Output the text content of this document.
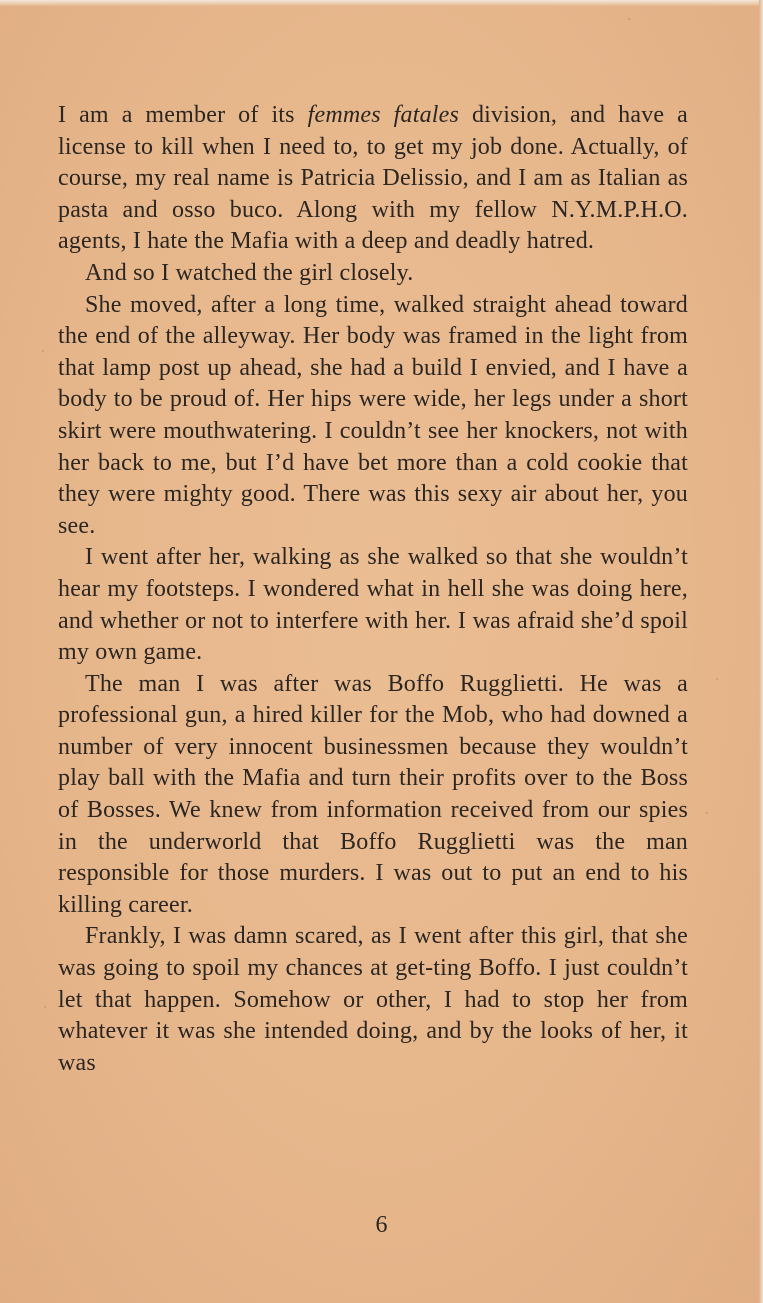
I am a member of its femmes fatales division, and have a license to kill when I need to, to get my job done. Actually, of course, my real name is Patricia Delissio, and I am as Italian as pasta and osso buco. Along with my fellow N.Y.M.P.H.O. agents, I hate the Mafia with a deep and deadly hatred.

And so I watched the girl closely.

She moved, after a long time, walked straight ahead toward the end of the alleyway. Her body was framed in the light from that lamp post up ahead, she had a build I envied, and I have a body to be proud of. Her hips were wide, her legs under a short skirt were mouthwatering. I couldn’t see her knockers, not with her back to me, but I’d have bet more than a cold cookie that they were mighty good. There was this sexy air about her, you see.

I went after her, walking as she walked so that she wouldn’t hear my footsteps. I wondered what in hell she was doing here, and whether or not to interfere with her. I was afraid she’d spoil my own game.

The man I was after was Boffo Rugglietti. He was a professional gun, a hired killer for the Mob, who had downed a number of very innocent businessmen because they wouldn’t play ball with the Mafia and turn their profits over to the Boss of Bosses. We knew from information received from our spies in the underworld that Boffo Rugglietti was the man responsible for those murders. I was out to put an end to his killing career.

Frankly, I was damn scared, as I went after this girl, that she was going to spoil my chances at get-ting Boffo. I just couldn’t let that happen. Somehow or other, I had to stop her from whatever it was she intended doing, and by the looks of her, it was

6
